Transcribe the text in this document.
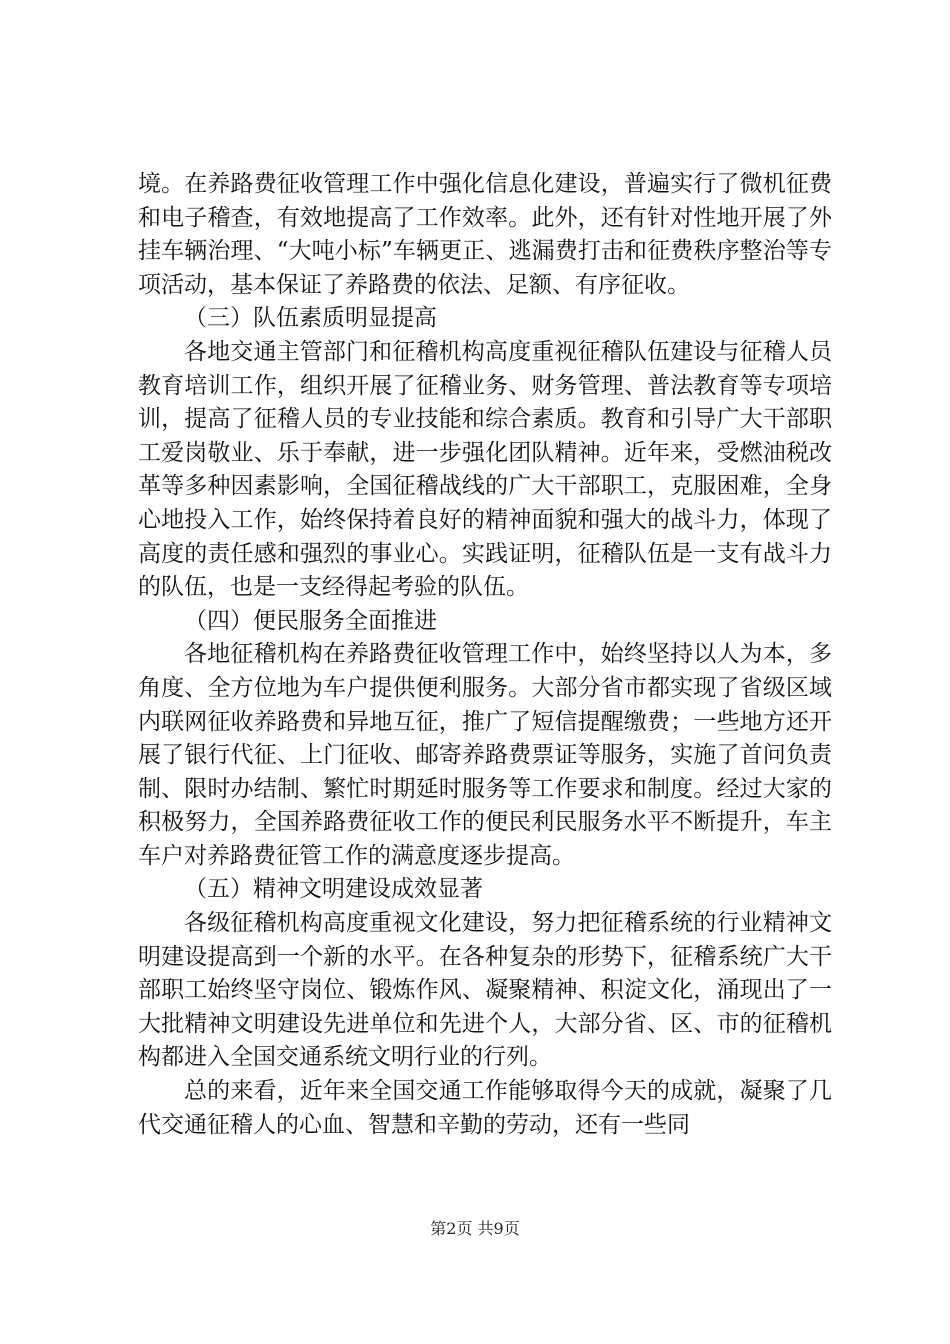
境。在养路费征收管理工作中强化信息化建设，普遍实行了微机征费和电子稽查，有效地提高了工作效率。此外，还有针对性地开展了外挂车辆治理、“大吨小标”车辆更正、逃漏费打击和征费秩序整治等专项活动，基本保证了养路费的依法、足额、有序征收。

（三）队伍素质明显提高

各地交通主管部门和征稽机构高度重视征稽队伍建设与征稽人员教育培训工作，组织开展了征稽业务、财务管理、普法教育等专项培训，提高了征稽人员的专业技能和综合素质。教育和引导广大干部职工爱岗敬业、乐于奉献，进一步强化团队精神。近年来，受燃油税改革等多种因素影响，全国征稽战线的广大干部职工，克服困难，全身心地投入工作，始终保持着良好的精神面貌和强大的战斗力，体现了高度的责任感和强烈的事业心。实践证明，征稽队伍是一支有战斗力的队伍，也是一支经得起考验的队伍。

（四）便民服务全面推进

各地征稽机构在养路费征收管理工作中，始终坚持以人为本，多角度、全方位地为车户提供便利服务。大部分省市都实现了省级区域内联网征收养路费和异地互征，推广了短信提醒缴费；一些地方还开展了银行代征、上门征收、邮寄养路费票证等服务，实施了首问负责制、限时办结制、繁忙时期延时服务等工作要求和制度。经过大家的积极努力，全国养路费征收工作的便民利民服务水平不断提升，车主车户对养路费征管工作的满意度逐步提高。

（五）精神文明建设成效显著

各级征稽机构高度重视文化建设，努力把征稽系统的行业精神文明建设提高到一个新的水平。在各种复杂的形势下，征稽系统广大干部职工始终坚守岗位、锻炼作风、凝聚精神、积淀文化，涌现出了一大批精神文明建设先进单位和先进个人，大部分省、区、市的征稽机构都进入全国交通系统文明行业的行列。

总的来看，近年来全国交通工作能够取得今天的成就，凝聚了几代交通征稽人的心血、智慧和辛勤的劳动，还有一些同

第2页 共9页
